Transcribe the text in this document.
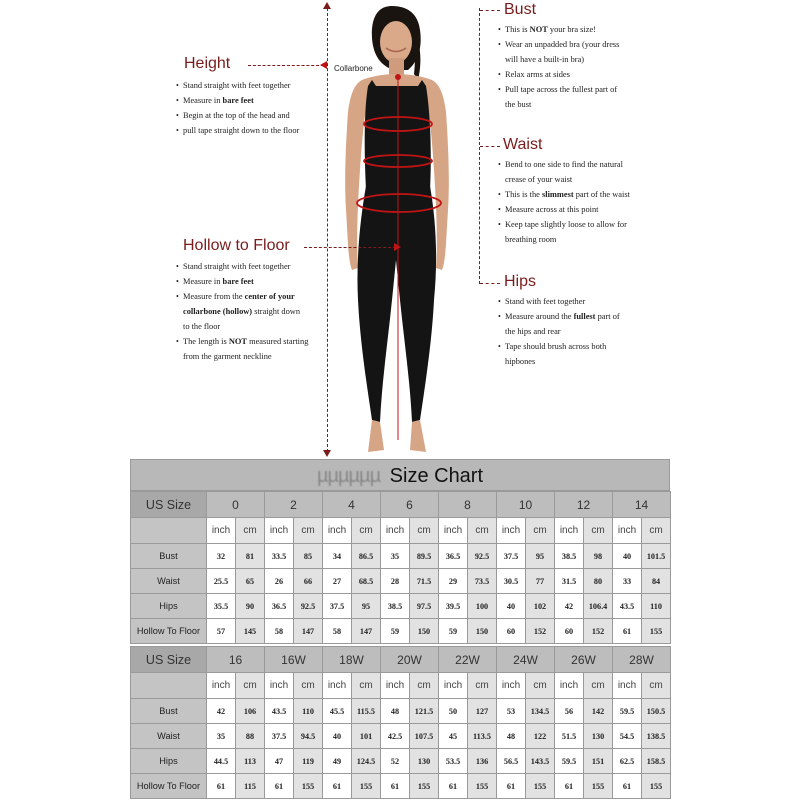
Height
• Stand straight with feet together
• Measure in bare feet
• Begin at the top of the head and
• pull tape straight down to the floor
Collarbone
Hollow to Floor
• Stand straight with feet together
• Measure in bare feet
• Measure from the center of your
collarbone (hollow) straight down
to the floor
• The length is NOT measured starting
from the garment neckline
Bust
• This is NOT your bra size!
• Wear an unpadded bra (your dress
will have a built-in bra)
• Relax arms at sides
• Pull tape across the fullest part of
the bust
Waist
• Bend to one side to find the natural
crease of your waist
• This is the slimmest part of the waist
• Measure across at this point
• Keep tape slightly loose to allow for
breathing room
Hips
• Stand with feet together
• Measure around the fullest part of
the hips and rear
• Tape should brush across both
hipbones
µµµµµµ Size Chart
US Size	0		2		4		6		8		10		12		14	
	inch	cm	inch	cm	inch	cm	inch	cm	inch	cm	inch	cm	inch	cm	inch	cm
Bust	32	81	33.5	85	34	86.5	35	89.5	36.5	92.5	37.5	95	38.5	98	40	101.5
Waist	25.5	65	26	66	27	68.5	28	71.5	29	73.5	30.5	77	31.5	80	33	84
Hips	35.5	90	36.5	92.5	37.5	95	38.5	97.5	39.5	100	40	102	42	106.4	43.5	110
Hollow To Floor	57	145	58	147	58	147	59	150	59	150	60	152	60	152	61	155
US Size	16		16W		18W		20W		22W		24W		26W		28W	
	inch	cm	inch	cm	inch	cm	inch	cm	inch	cm	inch	cm	inch	cm	inch	cm
Bust	42	106	43.5	110	45.5	115.5	48	121.5	50	127	53	134.5	56	142	59.5	150.5
Waist	35	88	37.5	94.5	40	101	42.5	107.5	45	113.5	48	122	51.5	130	54.5	138.5
Hips	44.5	113	47	119	49	124.5	52	130	53.5	136	56.5	143.5	59.5	151	62.5	158.5
Hollow To Floor	61	115	61	155	61	155	61	155	61	155	61	155	61	155	61	155
